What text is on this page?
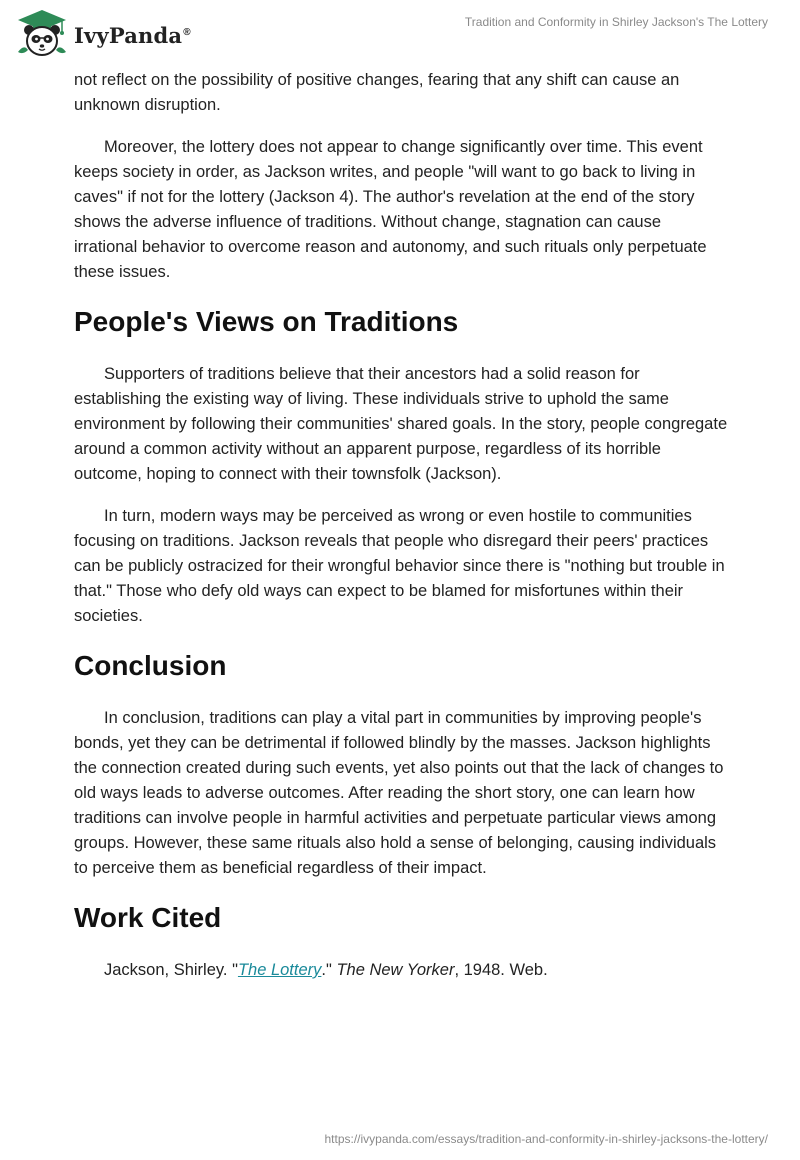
IvyPanda®
Tradition and Conformity in Shirley Jackson's The Lottery

not reflect on the possibility of positive changes, fearing that any shift can cause an unknown disruption.

Moreover, the lottery does not appear to change significantly over time. This event keeps society in order, as Jackson writes, and people "will want to go back to living in caves" if not for the lottery (Jackson 4). The author's revelation at the end of the story shows the adverse influence of traditions. Without change, stagnation can cause irrational behavior to overcome reason and autonomy, and such rituals only perpetuate these issues.

People's Views on Traditions

Supporters of traditions believe that their ancestors had a solid reason for establishing the existing way of living. These individuals strive to uphold the same environment by following their communities' shared goals. In the story, people congregate around a common activity without an apparent purpose, regardless of its horrible outcome, hoping to connect with their townsfolk (Jackson).

In turn, modern ways may be perceived as wrong or even hostile to communities focusing on traditions. Jackson reveals that people who disregard their peers' practices can be publicly ostracized for their wrongful behavior since there is "nothing but trouble in that." Those who defy old ways can expect to be blamed for misfortunes within their societies.

Conclusion

In conclusion, traditions can play a vital part in communities by improving people's bonds, yet they can be detrimental if followed blindly by the masses. Jackson highlights the connection created during such events, yet also points out that the lack of changes to old ways leads to adverse outcomes. After reading the short story, one can learn how traditions can involve people in harmful activities and perpetuate particular views among groups. However, these same rituals also hold a sense of belonging, causing individuals to perceive them as beneficial regardless of their impact.

Work Cited

Jackson, Shirley. "The Lottery." The New Yorker, 1948. Web.

https://ivypanda.com/essays/tradition-and-conformity-in-shirley-jacksons-the-lottery/
